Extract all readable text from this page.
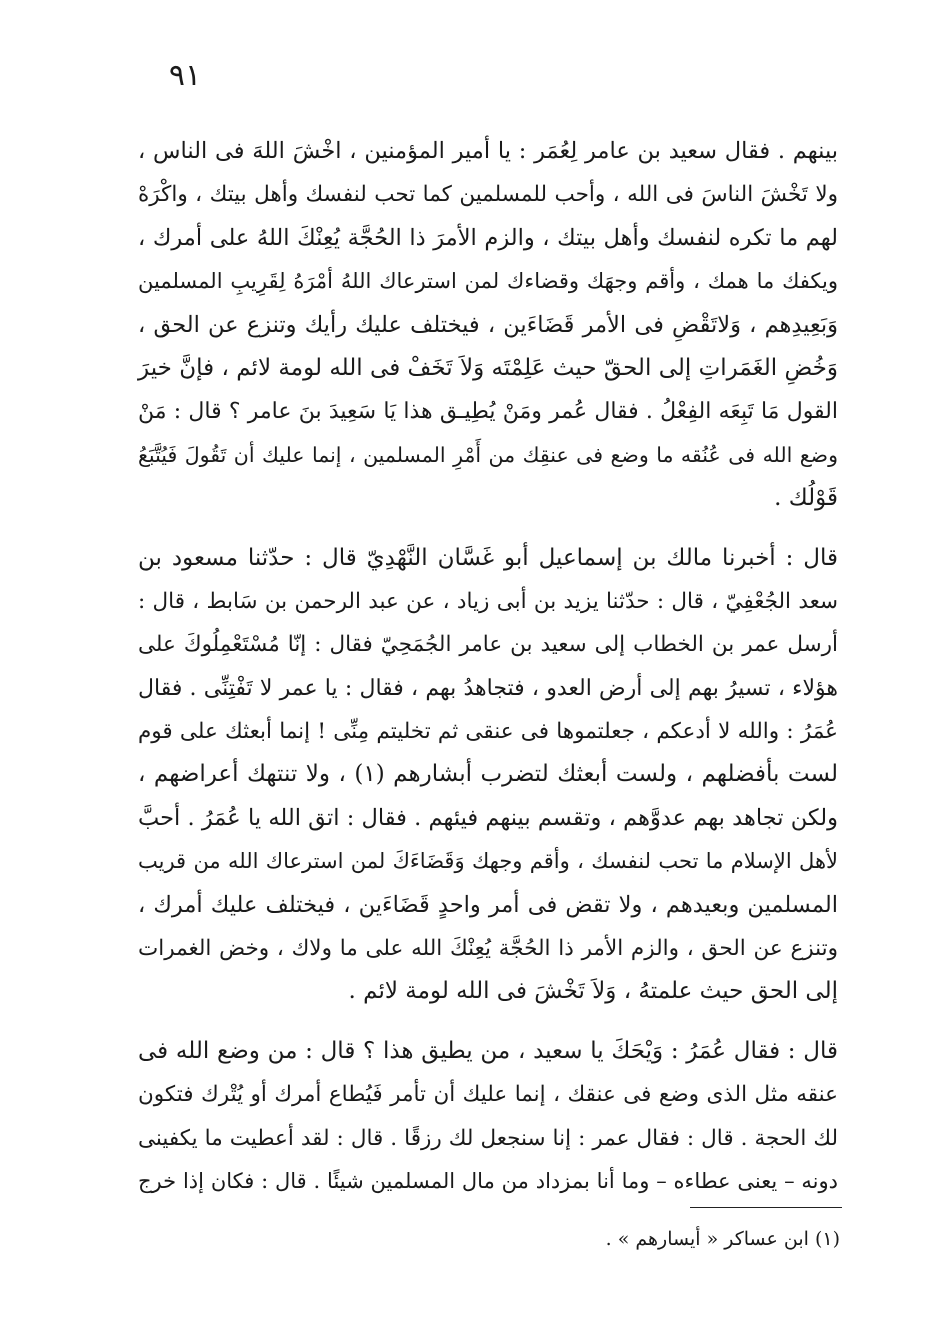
٩١
بينهم . فقال سعيد بن عامر لِعُمَر : يا أمير المؤمنين ، اخْشَ اللهَ فى الناس ،
ولا تَخْشَ الناسَ فى الله ، وأحب للمسلمين كما تحب لنفسك وأهل بيتك ، واكْرَهْ
لهم ما تكره لنفسك وأهل بيتك ، والزم الأمرَ ذا الحُجَّة يُعِنْكَ اللهُ على أمرك ،
ويكفك ما همك ، وأقم وجهَك وقضاءك لمن استرعاك اللهُ أمْرَهُ لِقَرِيبِ المسلمين
وَبَعِيدِهم ، وَلاتَقْضِ فى الأمر قَضَاءَين ، فيختلف عليك رأيك وتنزع عن الحق ،
وَخُضِ الغَمَراتِ إلى الحقّ حيث عَلِمْتَه وَلاَ تَخَفْ فى الله لومة لائم ، فإنَّ خيرَ
القول مَا تَبِعَه الفِعْلُ . فقال عُمر ومَنْ يُطِيـق هذا يَا سَعِيدَ بنَ عامر ؟ قال : مَنْ
وضع الله فى عُنُقه ما وضع فى عنقِك من أَمْرِ المسلمين ، إنما عليك أن تَقُولَ فَيُتَّبَعُ
قَوْلُك .
قال : أخبرنا مالك بن إسماعيل أبو غَسَّان النَّهْدِيّ قال : حدّثنا مسعود بن
سعد الجُعْفِيّ ، قال : حدّثنا يزيد بن أبى زياد ، عن عبد الرحمن بن سَابط ، قال :
أرسل عمر بن الخطاب إلى سعيد بن عامر الجُمَحِيّ فقال : إنّا مُسْتَعْمِلُوكَ على
هؤلاء ، تسيرُ بهم إلى أرض العدو ، فتجاهدُ بهم ، فقال : يا عمر لا تَفْتِنِّى . فقال
عُمَرُ : والله لا أدعكم ، جعلتموها فى عنقى ثم تخليتم مِنِّى ! إنما أبعثك على قوم
لست بأفضلهم ، ولست أبعثك لتضرب أبشارهم (١) ، ولا تنتهك أعراضهم ،
ولكن تجاهد بهم عدوَّهم ، وتقسم بينهم فيئهم . فقال : اتق الله يا عُمَرُ . أحبَّ
لأهل الإسلام ما تحب لنفسك ، وأقم وجهك وَقَضَاءَكَ لمن استرعاك الله من قريب
المسلمين وبعيدهم ، ولا تقض فى أمر واحدٍ قَضَاءَين ، فيختلف عليك أمرك ،
وتنزع عن الحق ، والزم الأمر ذا الحُجَّة يُعِنْكَ الله على ما ولاك ، وخض الغمرات
إلى الحق حيث علمتهُ ، وَلاَ تَخْشَ فى الله لومة لائم .
قال : فقال عُمَرُ : وَيْحَكَ يا سعيد ، من يطيق هذا ؟ قال : من وضع الله فى
عنقه مثل الذى وضع فى عنقك ، إنما عليك أن تأمر فَيُطاع أمرك أو يُتْرك فتكون
لك الحجة . قال : فقال عمر : إنا سنجعل لك رزقًا . قال : لقد أعطيت ما يكفينى
دونه – يعنى عطاءه – وما أنا بمزداد من مال المسلمين شيئًا . قال : فكان إذا خرج
(١) ابن عساكر « أيسارهم » .
